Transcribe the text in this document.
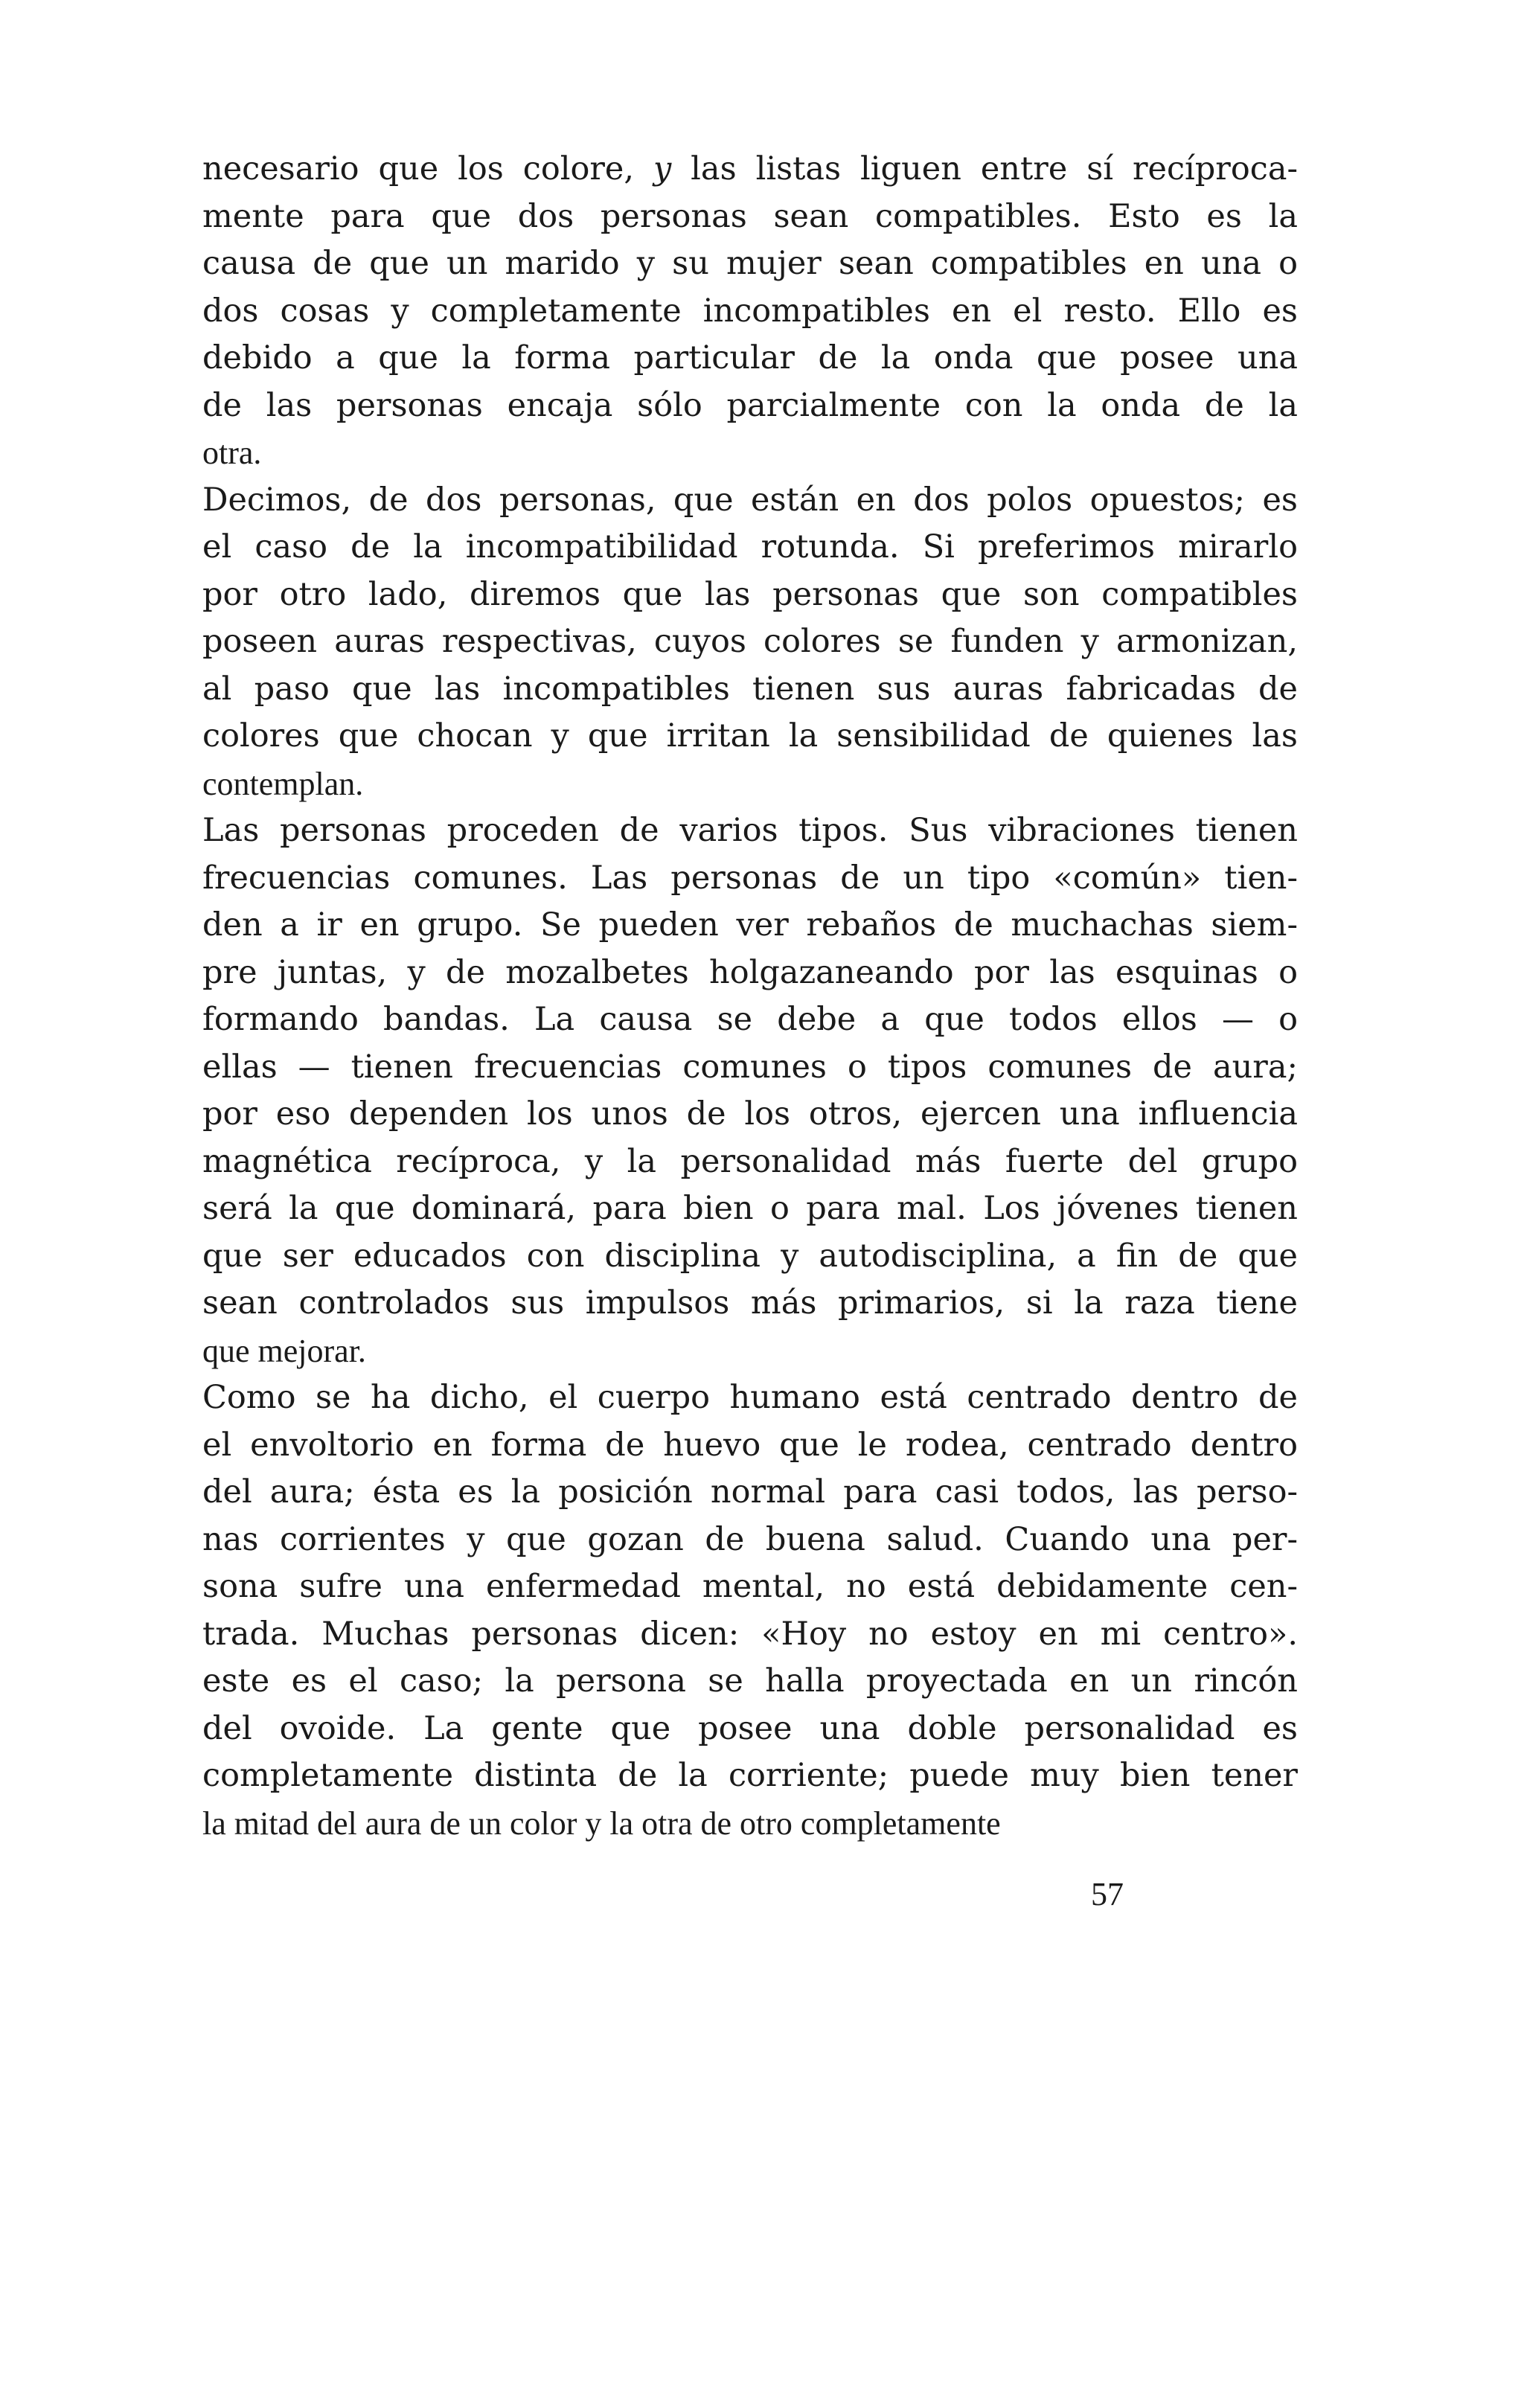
necesario que los colore, y las listas liguen entre sí recíproca-
mente para que dos personas sean compatibles. Esto es la
causa de que un marido y su mujer sean compatibles en una o
dos cosas y completamente incompatibles en el resto. Ello es
debido a que la forma particular de la onda que posee una
de las personas encaja sólo parcialmente con la onda de la
otra.
Decimos, de dos personas, que están en dos polos opuestos; es
el caso de la incompatibilidad rotunda. Si preferimos mirarlo
por otro lado, diremos que las personas que son compatibles
poseen auras respectivas, cuyos colores se funden y armonizan,
al paso que las incompatibles tienen sus auras fabricadas de
colores que chocan y que irritan la sensibilidad de quienes las
contemplan.
Las personas proceden de varios tipos. Sus vibraciones tienen
frecuencias comunes. Las personas de un tipo «común» tien-
den a ir en grupo. Se pueden ver rebaños de muchachas siem-
pre juntas, y de mozalbetes holgazaneando por las esquinas o
formando bandas. La causa se debe a que todos ellos — o
ellas — tienen frecuencias comunes o tipos comunes de aura;
por eso dependen los unos de los otros, ejercen una influencia
magnética recíproca, y la personalidad más fuerte del grupo
será la que dominará, para bien o para mal. Los jóvenes tienen
que ser educados con disciplina y autodisciplina, a fin de que
sean controlados sus impulsos más primarios, si la raza tiene
que mejorar.
Como se ha dicho, el cuerpo humano está centrado dentro de
el envoltorio en forma de huevo que le rodea, centrado dentro
del aura; ésta es la posición normal para casi todos, las perso-
nas corrientes y que gozan de buena salud. Cuando una per-
sona sufre una enfermedad mental, no está debidamente cen-
trada. Muchas personas dicen: «Hoy no estoy en mi centro».
este es el caso; la persona se halla proyectada en un rincón
del ovoide. La gente que posee una doble personalidad es
completamente distinta de la corriente; puede muy bien tener
la mitad del aura de un color y la otra de otro completamente
57
